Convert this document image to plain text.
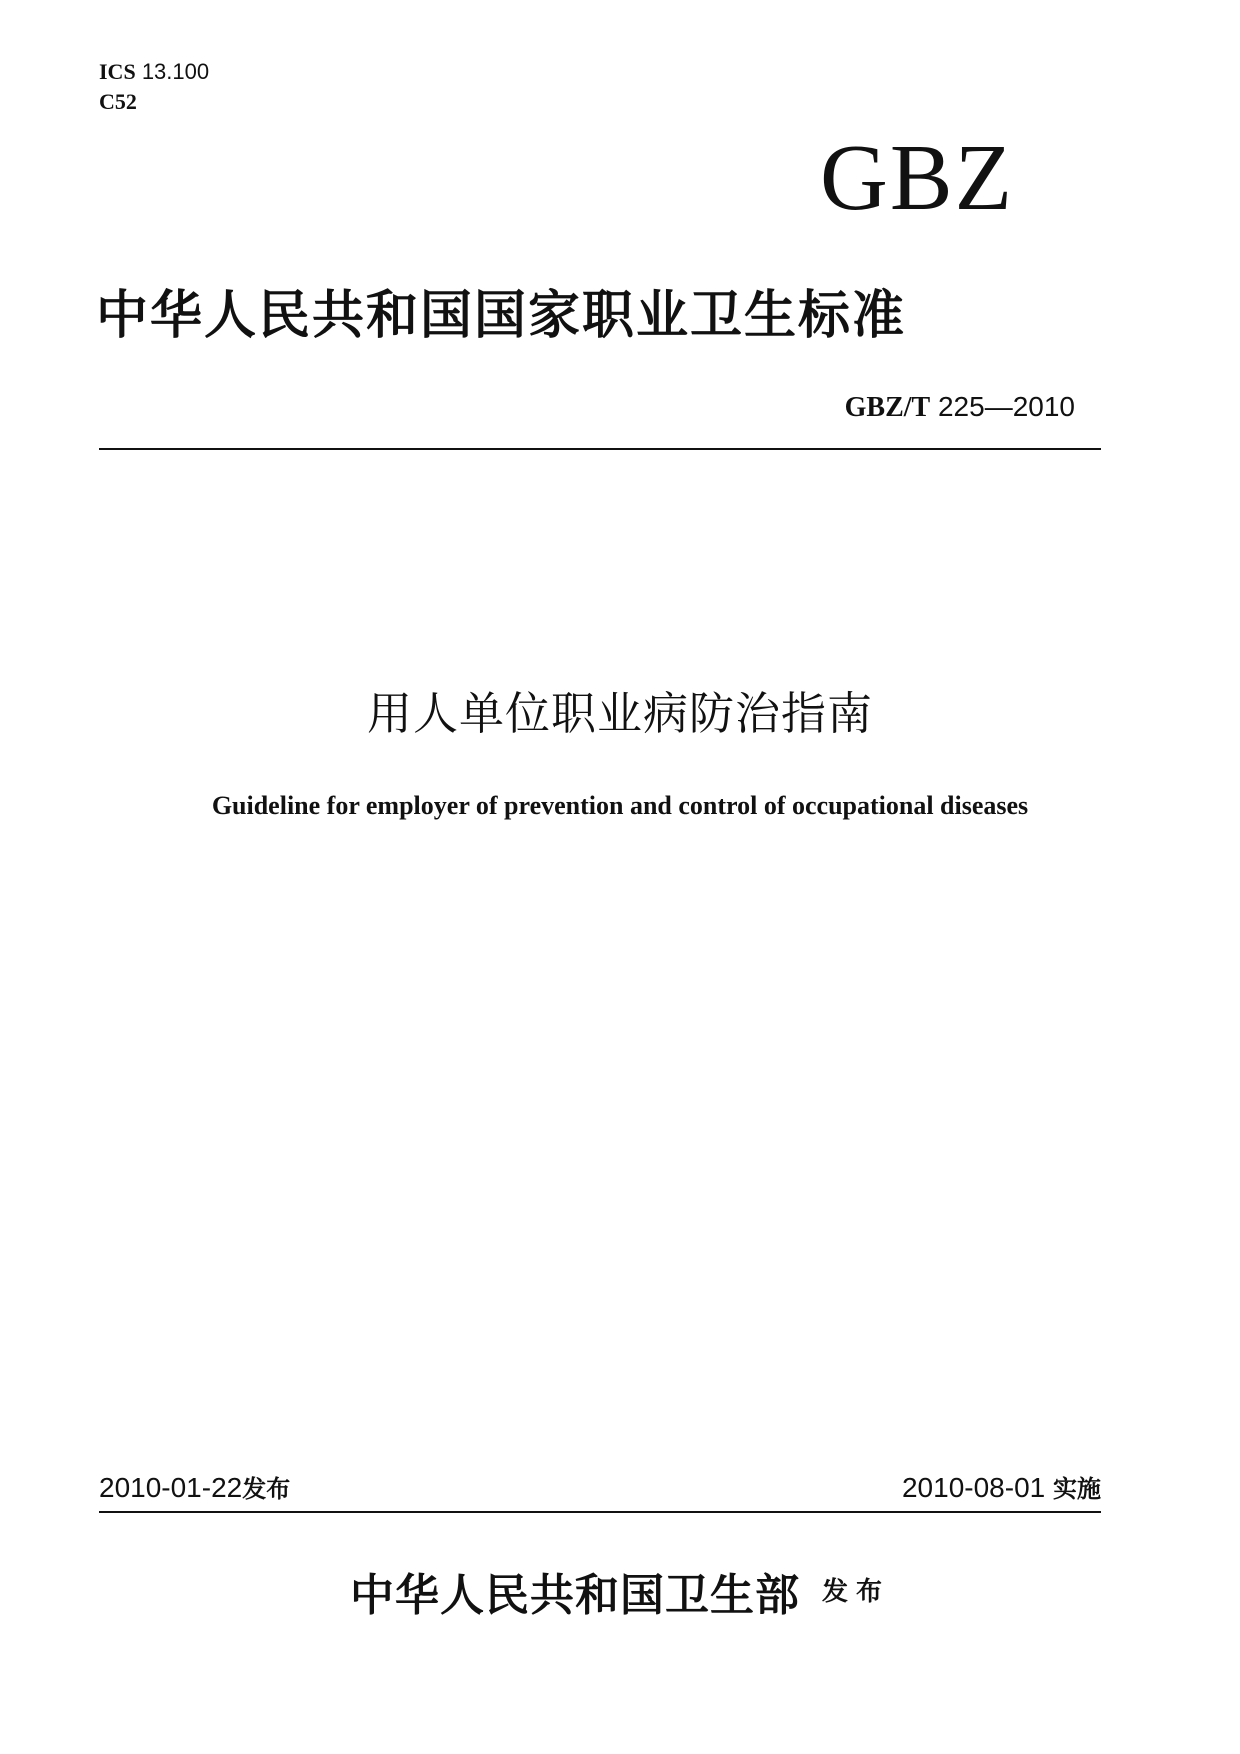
ICS 13.100
C52
GBZ
中华人民共和国国家职业卫生标准
GBZ/T 225—2010
用人单位职业病防治指南
Guideline for employer of prevention and control of occupational diseases
2010-01-22发布	2010-08-01 实施
中华人民共和国卫生部 发布
